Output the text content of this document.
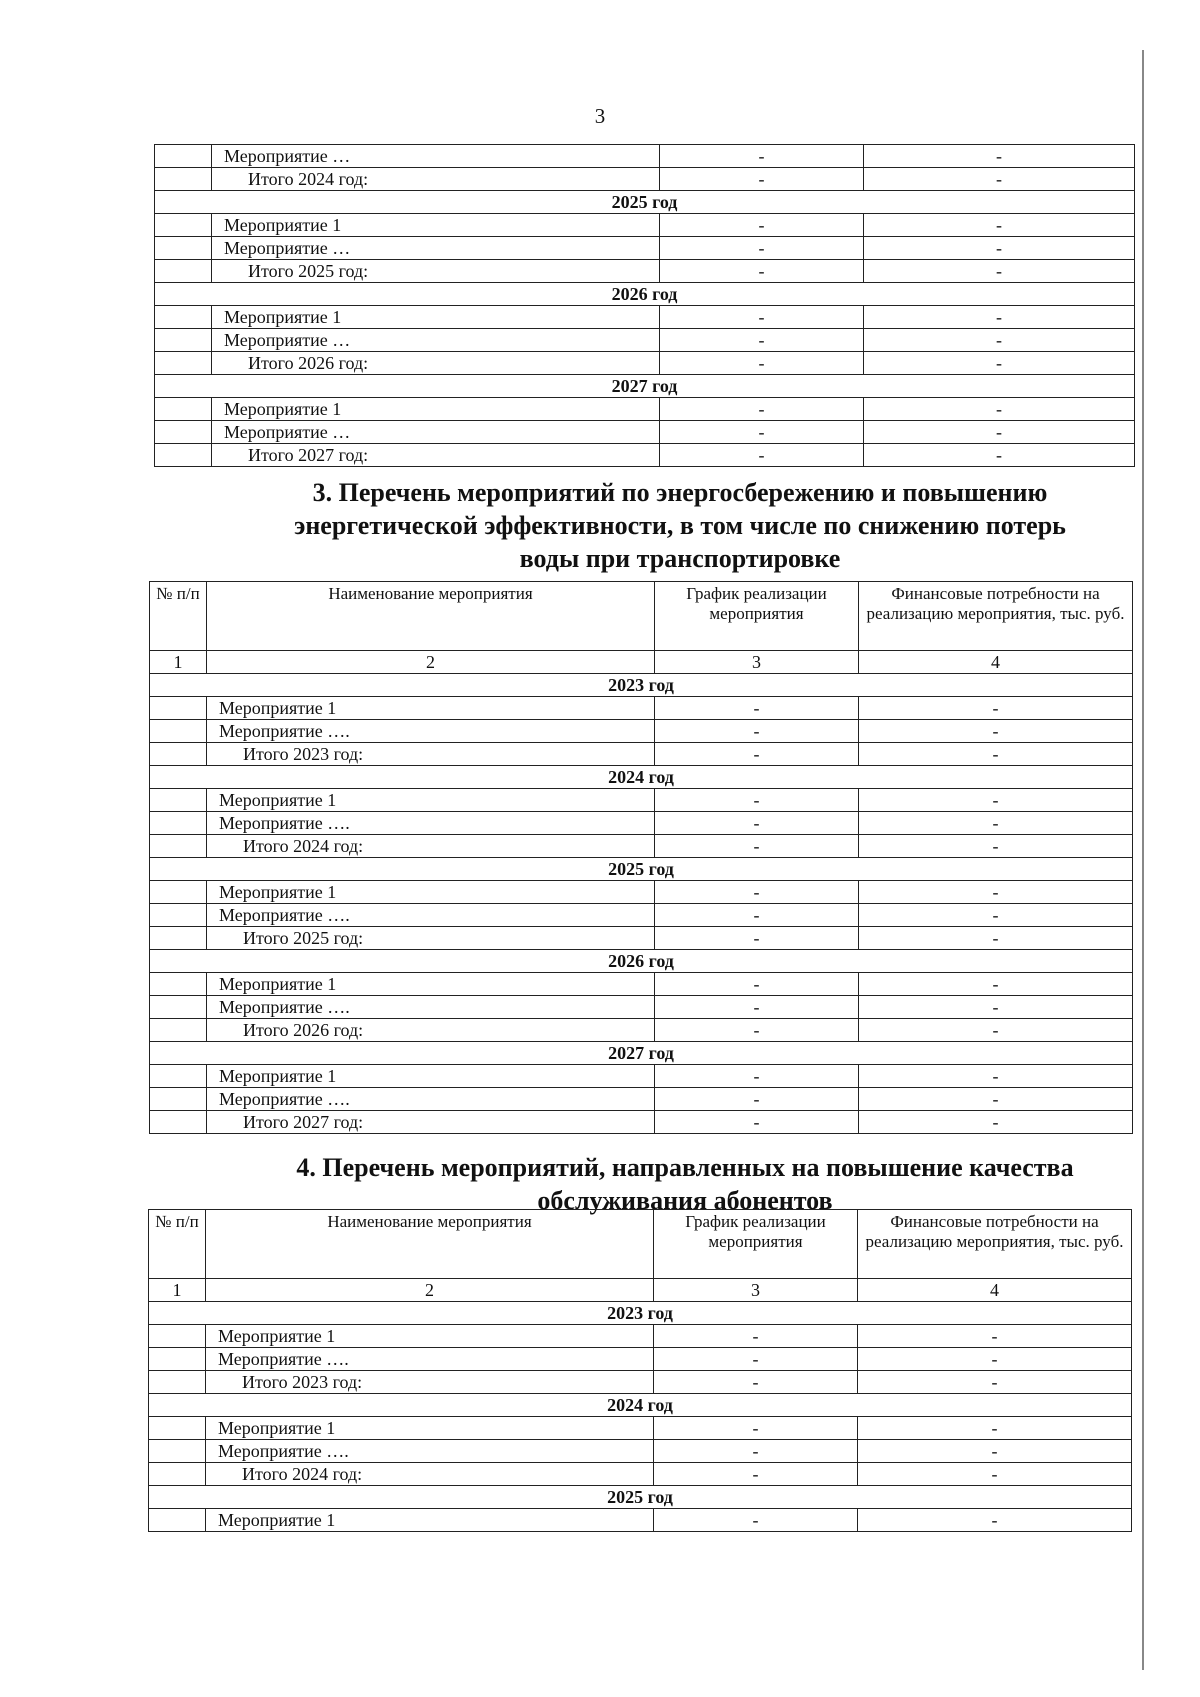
3
	Мероприятие …	-	-
	Итого 2024 год:	-	-
2025 год			
	Мероприятие 1	-	-
	Мероприятие …	-	-
	Итого 2025 год:	-	-
2026 год			
	Мероприятие 1	-	-
	Мероприятие …	-	-
	Итого 2026 год:	-	-
2027 год			
	Мероприятие 1	-	-
	Мероприятие …	-	-
	Итого 2027 год:	-	-
3. Перечень мероприятий по энергосбережению и повышению
энергетической эффективности, в том числе по снижению потерь
воды при транспортировке
№ п/п	Наименование мероприятия	График реализации мероприятия	Финансовые потребности на реализацию мероприятия, тыс. руб.
1	2	3	4
2023 год			
	Мероприятие 1	-	-
	Мероприятие ….	-	-
	Итого 2023 год:	-	-
2024 год			
	Мероприятие 1	-	-
	Мероприятие ….	-	-
	Итого 2024 год:	-	-
2025 год			
	Мероприятие 1	-	-
	Мероприятие ….	-	-
	Итого 2025 год:	-	-
2026 год			
	Мероприятие 1	-	-
	Мероприятие ….	-	-
	Итого 2026 год:	-	-
2027 год			
	Мероприятие 1	-	-
	Мероприятие ….	-	-
	Итого 2027 год:	-	-
4. Перечень мероприятий, направленных на повышение качества
обслуживания абонентов
№ п/п	Наименование мероприятия	График реализации мероприятия	Финансовые потребности на реализацию мероприятия, тыс. руб.
1	2	3	4
2023 год			
	Мероприятие 1	-	-
	Мероприятие ….	-	-
	Итого 2023 год:	-	-
2024 год			
	Мероприятие 1	-	-
	Мероприятие ….	-	-
	Итого 2024 год:	-	-
2025 год			
	Мероприятие 1	-	-
